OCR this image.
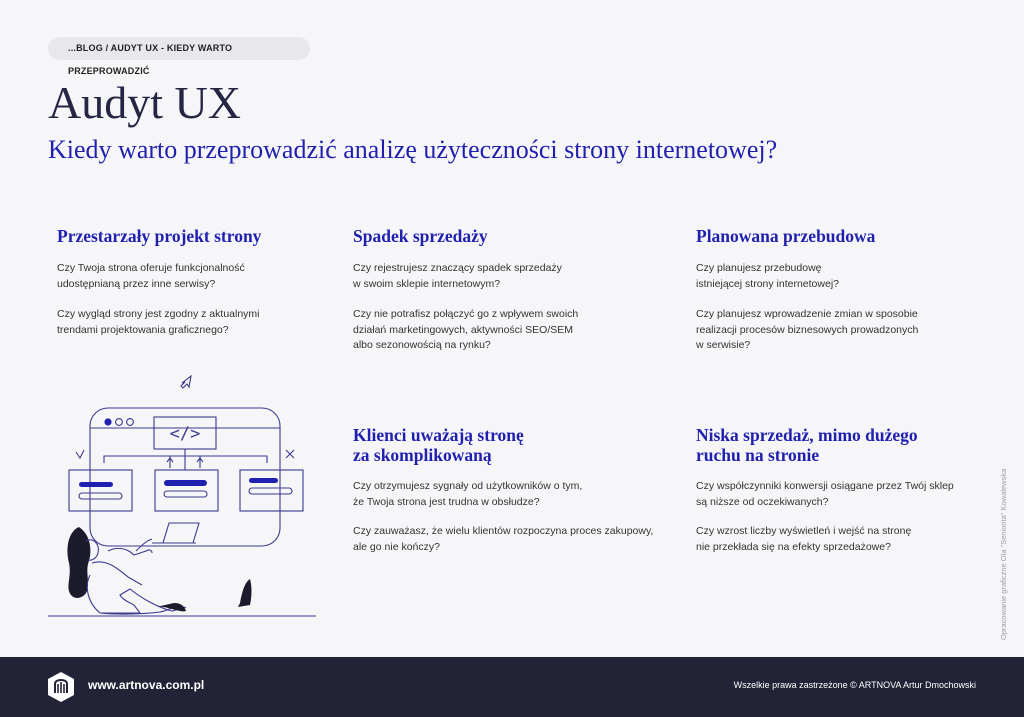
...BLOG / AUDYT UX - KIEDY WARTO PRZEPROWADZIĆ
Audyt UX
Kiedy warto przeprowadzić analizę użyteczności strony internetowej?
Przestarzały projekt strony

Czy Twoja strona oferuje funkcjonalność
udostępnianą przez inne serwisy?

Czy wygląd strony jest zgodny z aktualnymi
trendami projektowania graficznego?

Spadek sprzedaży

Czy rejestrujesz znaczący spadek sprzedaży
w swoim sklepie internetowym?

Czy nie potrafisz połączyć go z wpływem swoich
działań marketingowych, aktywności SEO/SEM
albo sezonowością na rynku?

Planowana przebudowa

Czy planujesz przebudowę
istniejącej strony internetowej?

Czy planujesz wprowadzenie zmian w sposobie
realizacji procesów biznesowych prowadzonych
w serwisie?

Klienci uważają stronę
za skomplikowaną

Czy otrzymujesz sygnały od użytkowników o tym,
że Twoja strona jest trudna w obsłudze?

Czy zauważasz, że wielu klientów rozpoczyna proces zakupowy,
ale go nie kończy?

Niska sprzedaż, mimo dużego
ruchu na stronie

Czy współczynniki konwersji osiągane przez Twój sklep
są niższe od oczekiwanych?

Czy wzrost liczby wyświetleń i wejść na stronę
nie przekłada się na efekty sprzedażowe?

</>
Opracowanie graficzne Ola "Seniorita" Kowalewska
www.artnova.com.pl	Wszelkie prawa zastrzeżone © ARTNOVA Artur Dmochowski
